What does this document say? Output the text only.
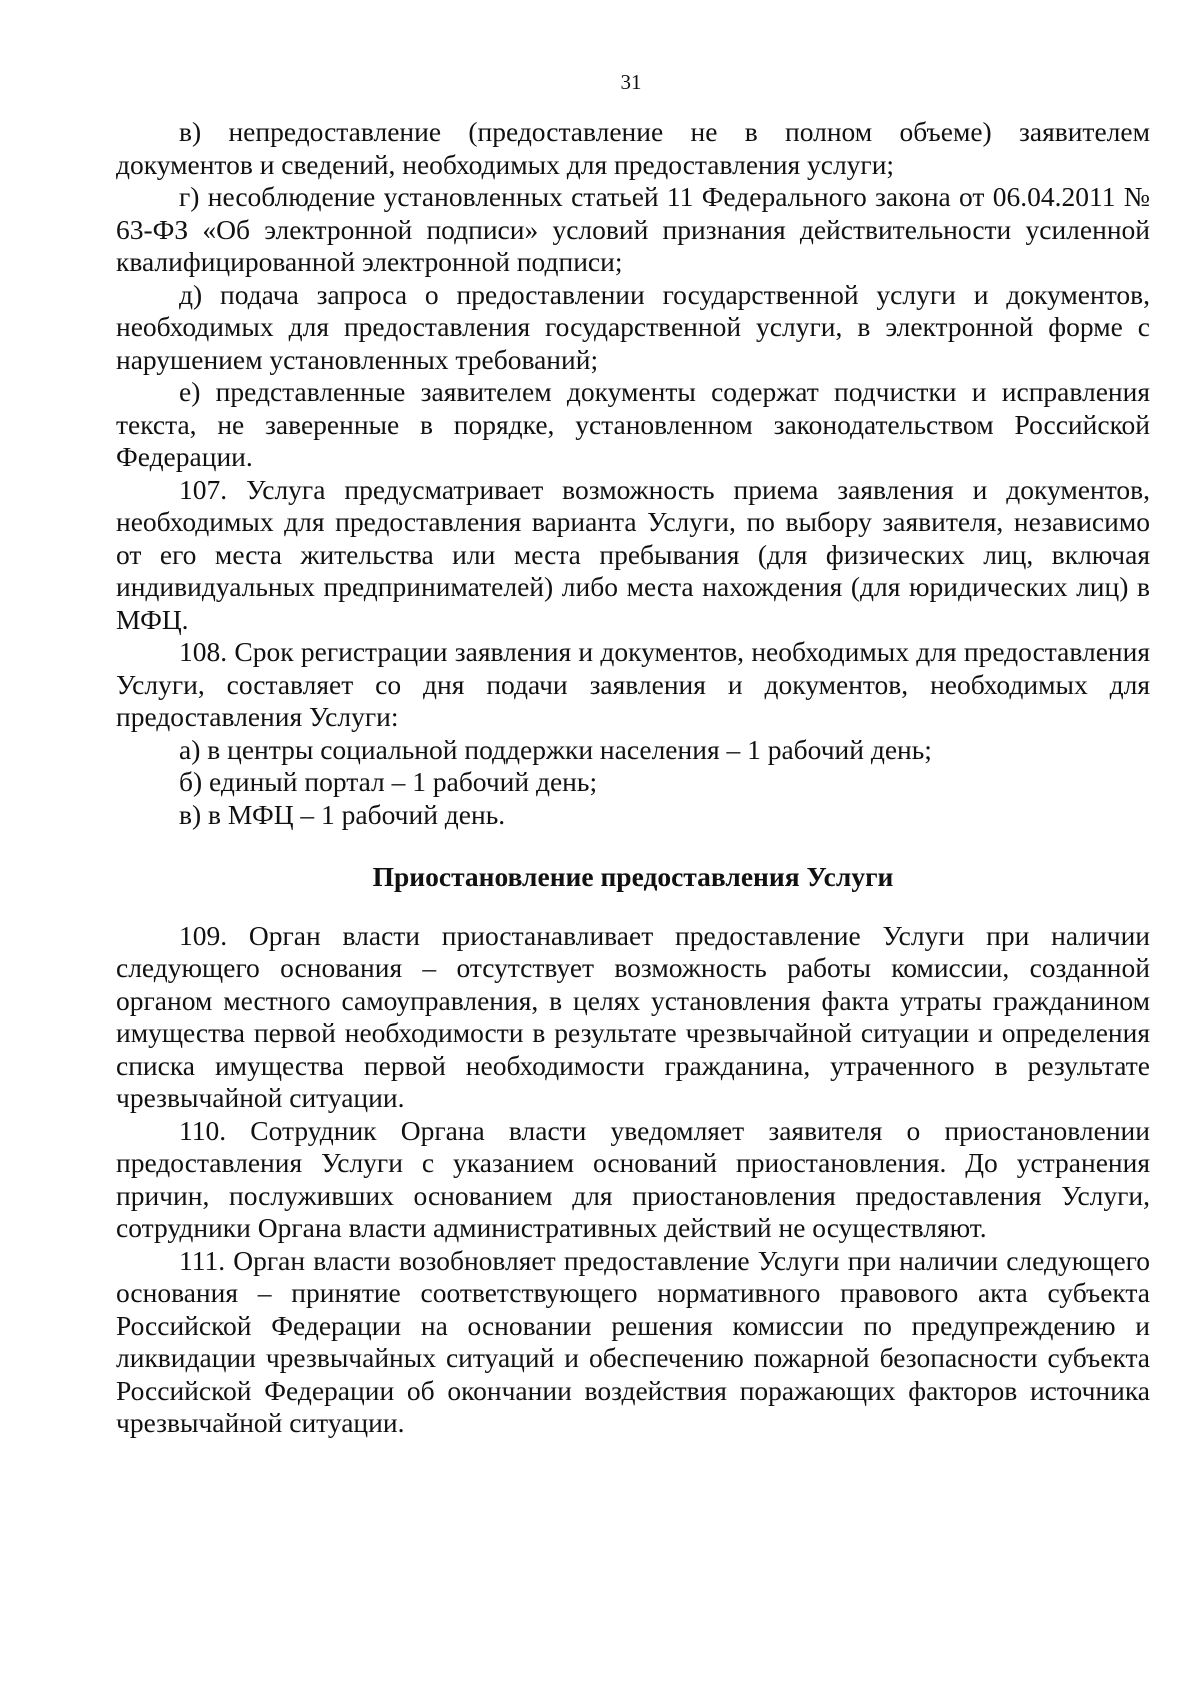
31

в) непредоставление (предоставление не в полном объеме) заявителем документов и сведений, необходимых для предоставления услуги;

г) несоблюдение установленных статьей 11 Федерального закона от 06.04.2011 № 63-ФЗ «Об электронной подписи» условий признания действительности усиленной квалифицированной электронной подписи;

д) подача запроса о предоставлении государственной услуги и документов, необходимых для предоставления государственной услуги, в электронной форме с нарушением установленных требований;

е) представленные заявителем документы содержат подчистки и исправления текста, не заверенные в порядке, установленном законодательством Российской Федерации.

107. Услуга предусматривает возможность приема заявления и документов, необходимых для предоставления варианта Услуги, по выбору заявителя, независимо от его места жительства или места пребывания (для физических лиц, включая индивидуальных предпринимателей) либо места нахождения (для юридических лиц) в МФЦ.

108. Срок регистрации заявления и документов, необходимых для предоставления Услуги, составляет со дня подачи заявления и документов, необходимых для предоставления Услуги:

а) в центры социальной поддержки населения – 1 рабочий день;

б) единый портал – 1 рабочий день;

в) в МФЦ – 1 рабочий день.

Приостановление предоставления Услуги

109. Орган власти приостанавливает предоставление Услуги при наличии следующего основания – отсутствует возможность работы комиссии, созданной органом местного самоуправления, в целях установления факта утраты гражданином имущества первой необходимости в результате чрезвычайной ситуации и определения списка имущества первой необходимости гражданина, утраченного в результате чрезвычайной ситуации.

110. Сотрудник Органа власти уведомляет заявителя о приостановлении предоставления Услуги с указанием оснований приостановления. До устранения причин, послуживших основанием для приостановления предоставления Услуги, сотрудники Органа власти административных действий не осуществляют.

111. Орган власти возобновляет предоставление Услуги при наличии следующего основания – принятие соответствующего нормативного правового акта субъекта Российской Федерации на основании решения комиссии по предупреждению и ликвидации чрезвычайных ситуаций и обеспечению пожарной безопасности субъекта Российской Федерации об окончании воздействия поражающих факторов источника чрезвычайной ситуации.
